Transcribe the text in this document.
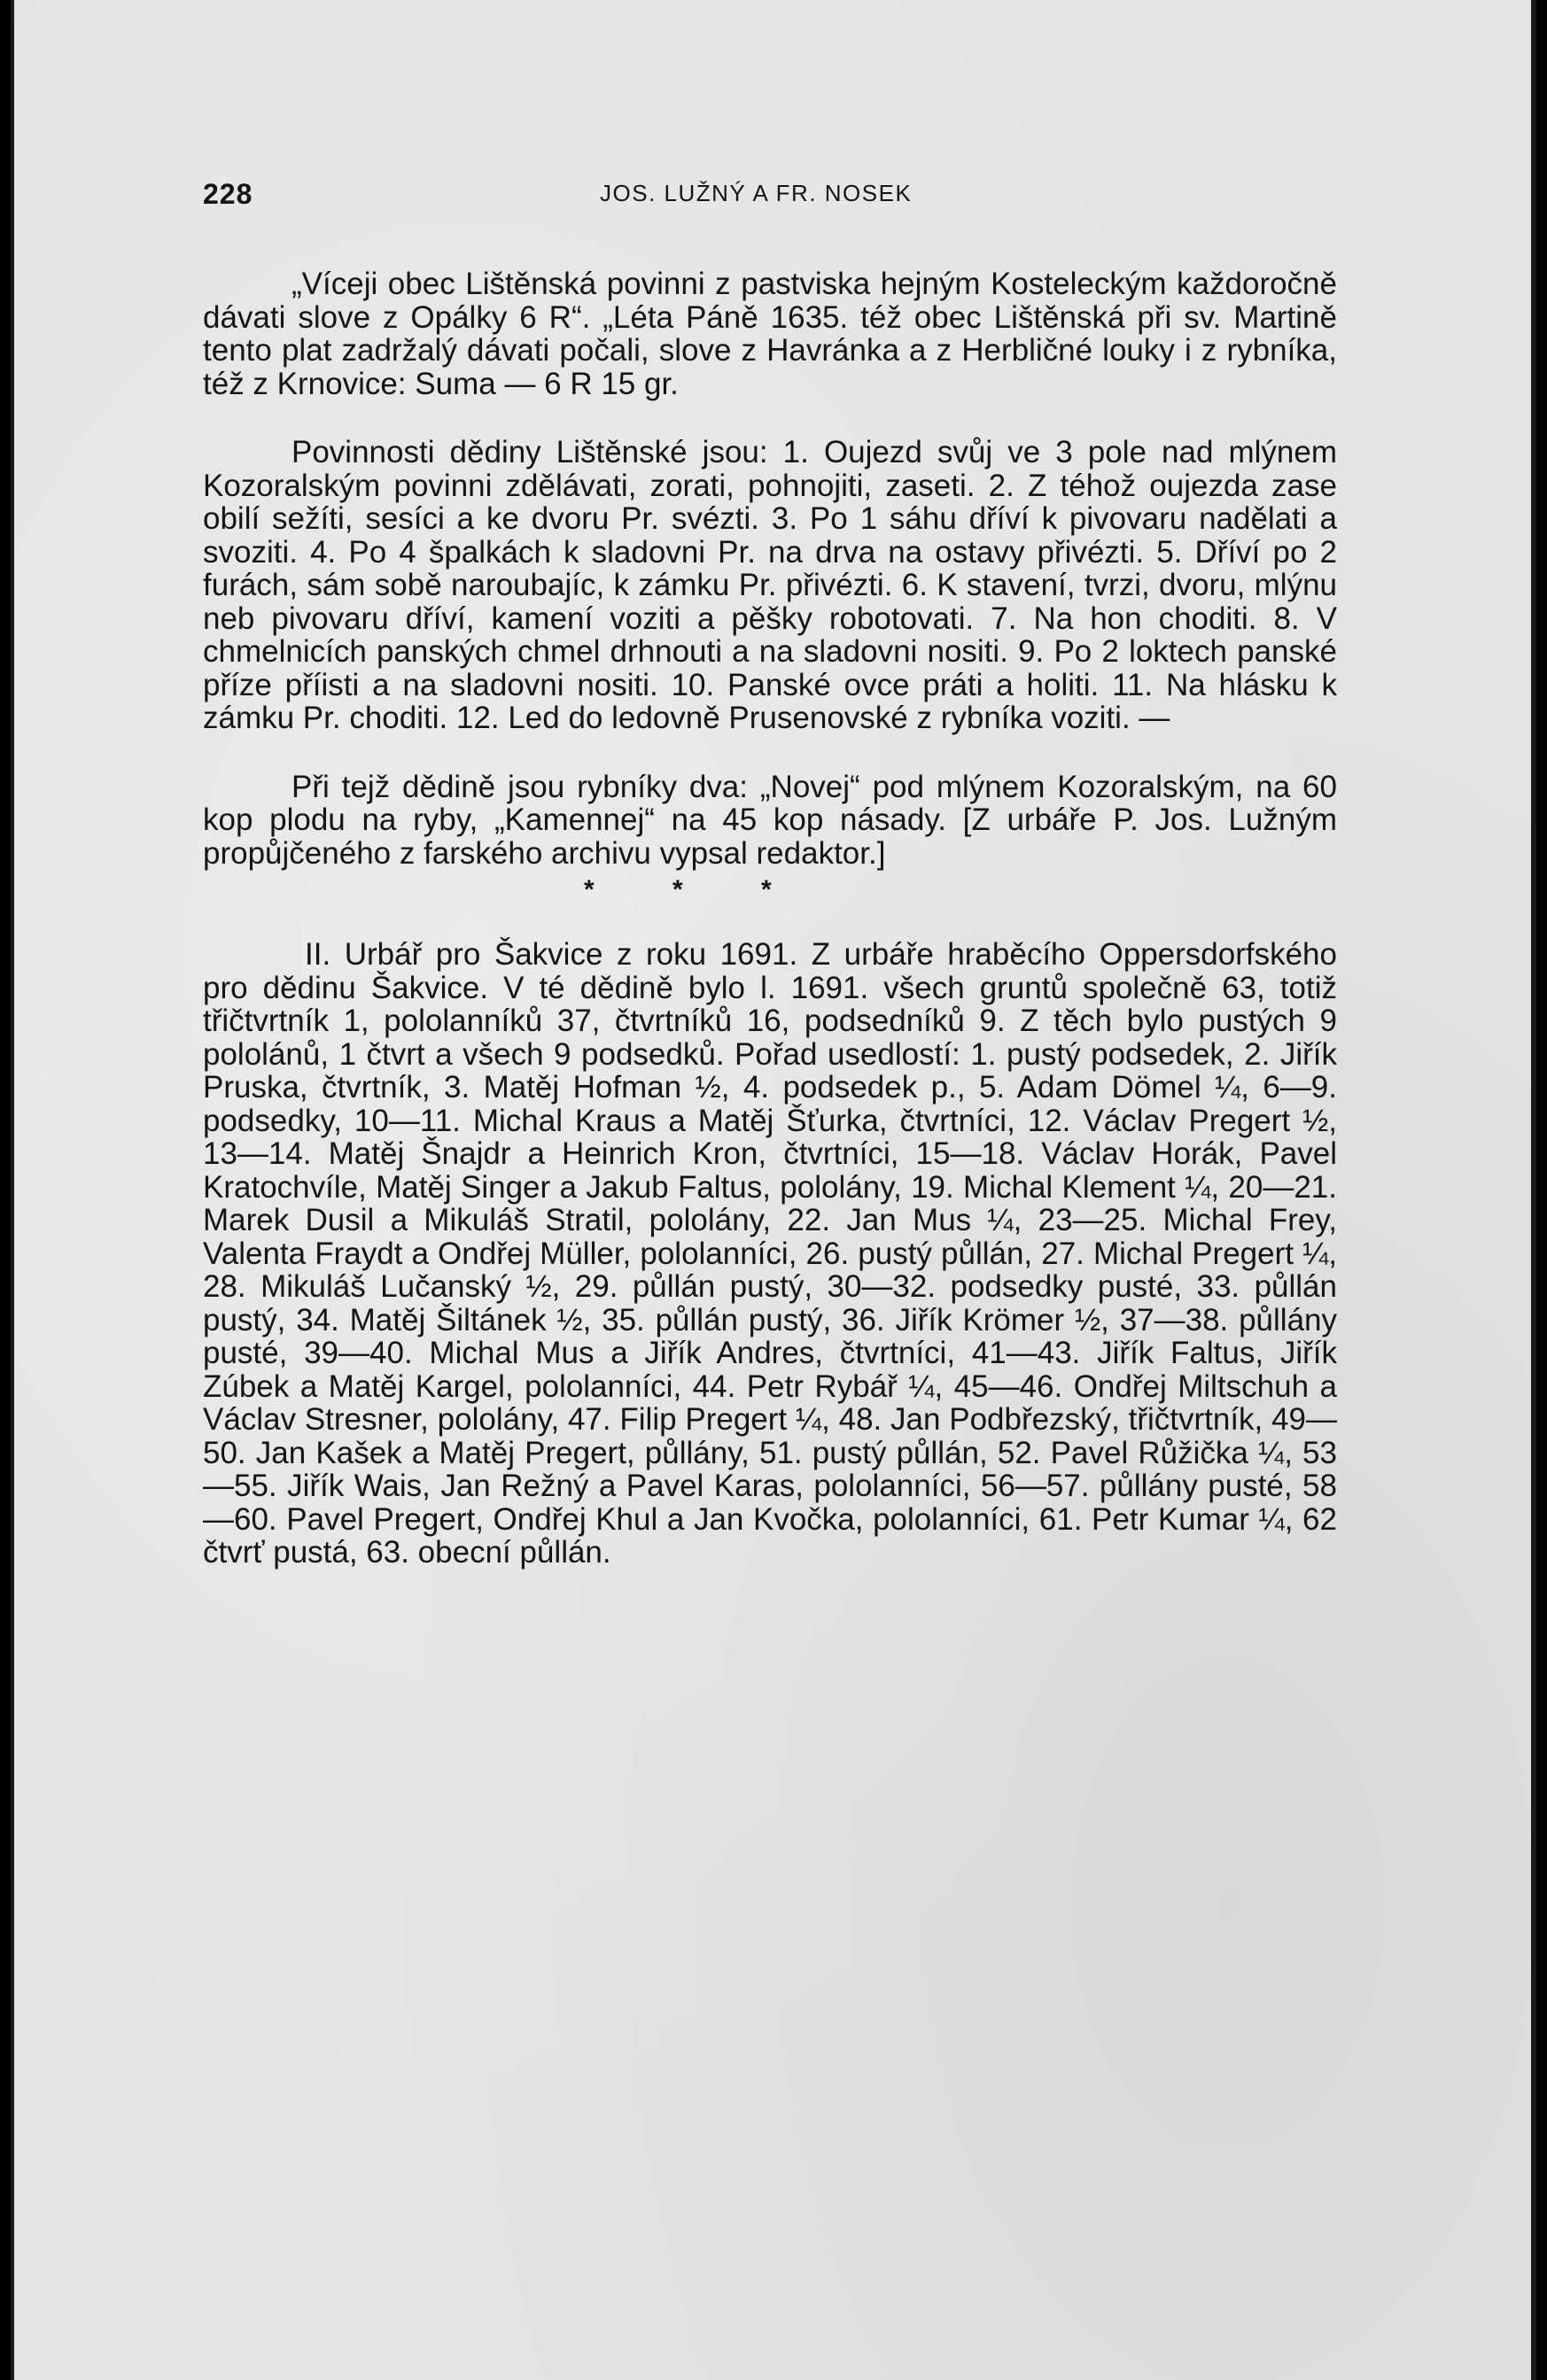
228	JOS. LUŽNÝ A FR. NOSEK

„Víceji obec Lištěnská povinni z pastviska hejným Kosteleckým každoročně dávati slove z Opálky 6 R“. „Léta Páně 1635. též obec Lištěnská při sv. Martině tento plat zadržalý dávati počali, slove z Havránka a z Herbličné louky i z rybníka, též z Krnovice: Suma — 6 R 15 gr.

Povinnosti dědiny Lištěnské jsou: 1. Oujezd svůj ve 3 pole nad mlýnem Kozoralským povinni zdělávati, zorati, pohnojiti, zaseti. 2. Z téhož oujezda zase obilí sežíti, sesíci a ke dvoru Pr. svézti. 3. Po 1 sáhu dříví k pivovaru nadělati a svoziti. 4. Po 4 špalkách k sladovni Pr. na drva na ostavy přivézti. 5. Dříví po 2 furách, sám sobě naroubajíc, k zámku Pr. přivézti. 6. K stavení, tvrzi, dvoru, mlýnu neb pivovaru dříví, kamení voziti a pěšky robotovati. 7. Na hon choditi. 8. V chmelnicích panských chmel drhnouti a na sladovni nositi. 9. Po 2 loktech panské příze příisti a na sladovni nositi. 10. Panské ovce práti a holiti. 11. Na hlásku k zámku Pr. choditi. 12. Led do ledovně Prusenovské z rybníka voziti. —

Při tejž dědině jsou rybníky dva: „Novej“ pod mlýnem Kozoralským, na 60 kop plodu na ryby, „Kamennej“ na 45 kop násady. [Z urbáře P. Jos. Lužným propůjčeného z farského archivu vypsal redaktor.]

* * *

II. Urbář pro Šakvice z roku 1691. Z urbáře hraběcího Oppersdorfského pro dědinu Šakvice. V té dědině bylo l. 1691. všech gruntů společně 63, totiž třičtvrtník 1, pololanníků 37, čtvrtníků 16, podsedníků 9. Z těch bylo pustých 9 pololánů, 1 čtvrt a všech 9 podsedků. Pořad usedlostí: 1. pustý podsedek, 2. Jiřík Pruska, čtvrtník, 3. Matěj Hofman ½, 4. podsedek p., 5. Adam Dömel ¼, 6—9. podsedky, 10—11. Michal Kraus a Matěj Šťurka, čtvrtníci, 12. Václav Pregert ½, 13—14. Matěj Šnajdr a Heinrich Kron, čtvrtníci, 15—18. Václav Horák, Pavel Kratochvíle, Matěj Singer a Jakub Faltus, pololány, 19. Michal Klement ¼, 20—21. Marek Dusil a Mikuláš Stratil, pololány, 22. Jan Mus ¼, 23—25. Michal Frey, Valenta Fraydt a Ondřej Müller, pololanníci, 26. pustý půllán, 27. Michal Pregert ¼, 28. Mikuláš Lučanský ½, 29. půllán pustý, 30—32. podsedky pusté, 33. půllán pustý, 34. Matěj Šiltánek ½, 35. půllán pustý, 36. Jiřík Krömer ½, 37—38. půllány pusté, 39—40. Michal Mus a Jiřík Andres, čtvrtníci, 41—43. Jiřík Faltus, Jiřík Zúbek a Matěj Kargel, pololanníci, 44. Petr Rybář ¼, 45—46. Ondřej Miltschuh a Václav Stresner, pololány, 47. Filip Pregert ¼, 48. Jan Podbřezský, třičtvrtník, 49—50. Jan Kašek a Matěj Pregert, půllány, 51. pustý půllán, 52. Pavel Růžička ¼, 53—55. Jiřík Wais, Jan Režný a Pavel Karas, pololanníci, 56—57. půllány pusté, 58—60. Pavel Pregert, Ondřej Khul a Jan Kvočka, pololanníci, 61. Petr Kumar ¼, 62 čtvrť pustá, 63. obecní půllán.
